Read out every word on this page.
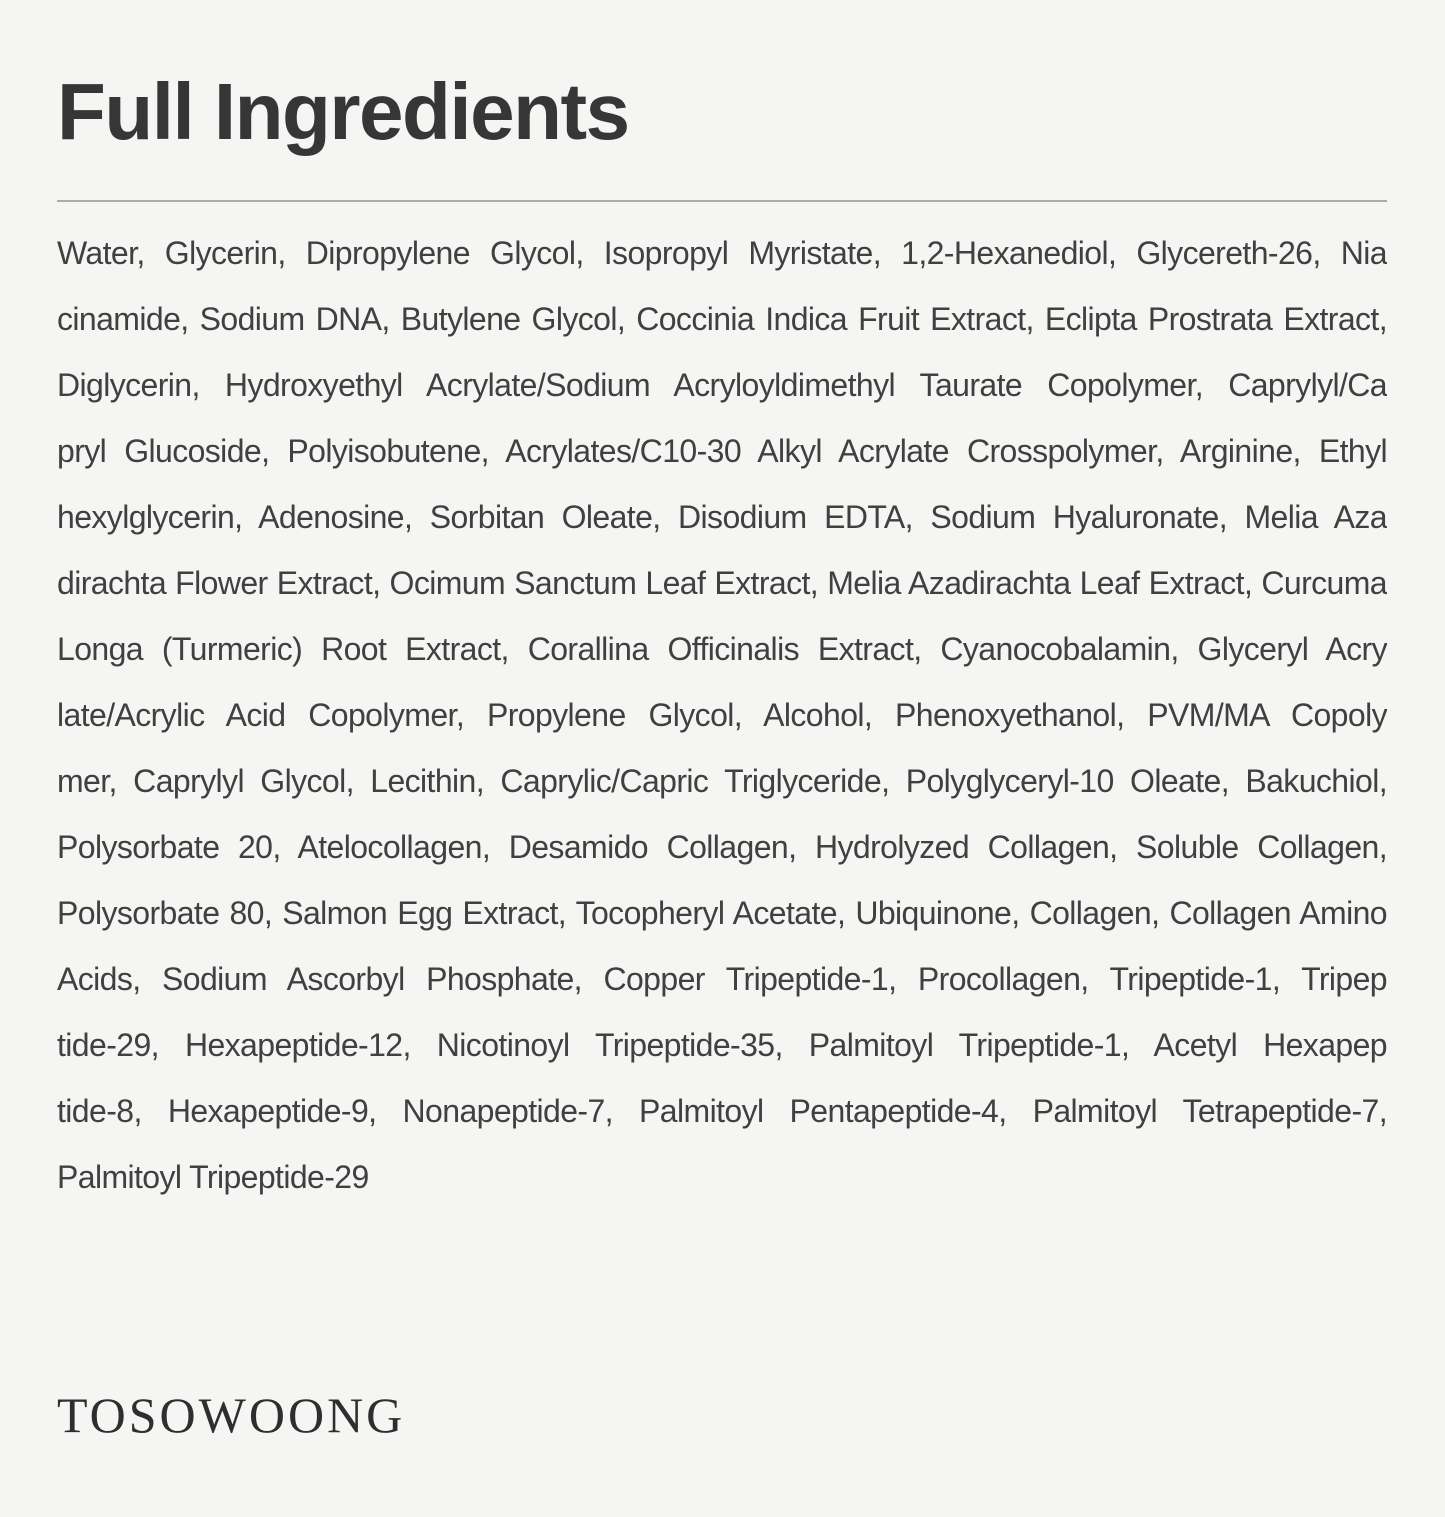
Full Ingredients
Water, Glycerin, Dipropylene Glycol, Isopropyl Myristate, 1,2-Hexanediol, Glycereth-26, Nia
cinamide, Sodium DNA, Butylene Glycol, Coccinia Indica Fruit Extract, Eclipta Prostrata Extract,
Diglycerin, Hydroxyethyl Acrylate/Sodium Acryloyldimethyl Taurate Copolymer, Caprylyl/Ca
pryl Glucoside, Polyisobutene, Acrylates/C10-30 Alkyl Acrylate Crosspolymer, Arginine, Ethyl
hexylglycerin, Adenosine, Sorbitan Oleate, Disodium EDTA, Sodium Hyaluronate, Melia Aza
dirachta Flower Extract, Ocimum Sanctum Leaf Extract, Melia Azadirachta Leaf Extract, Curcuma
Longa (Turmeric) Root Extract, Corallina Officinalis Extract, Cyanocobalamin, Glyceryl Acry
late/Acrylic Acid Copolymer, Propylene Glycol, Alcohol, Phenoxyethanol, PVM/MA Copoly
mer, Caprylyl Glycol, Lecithin, Caprylic/Capric Triglyceride, Polyglyceryl-10 Oleate, Bakuchiol,
Polysorbate 20, Atelocollagen, Desamido Collagen, Hydrolyzed Collagen, Soluble Collagen,
Polysorbate 80, Salmon Egg Extract, Tocopheryl Acetate, Ubiquinone, Collagen, Collagen Amino
Acids, Sodium Ascorbyl Phosphate, Copper Tripeptide-1, Procollagen, Tripeptide-1, Tripep
tide-29, Hexapeptide-12, Nicotinoyl Tripeptide-35, Palmitoyl Tripeptide-1, Acetyl Hexapep
tide-8, Hexapeptide-9, Nonapeptide-7, Palmitoyl Pentapeptide-4, Palmitoyl Tetrapeptide-7,
Palmitoyl Tripeptide-29
TOSOWOONG
